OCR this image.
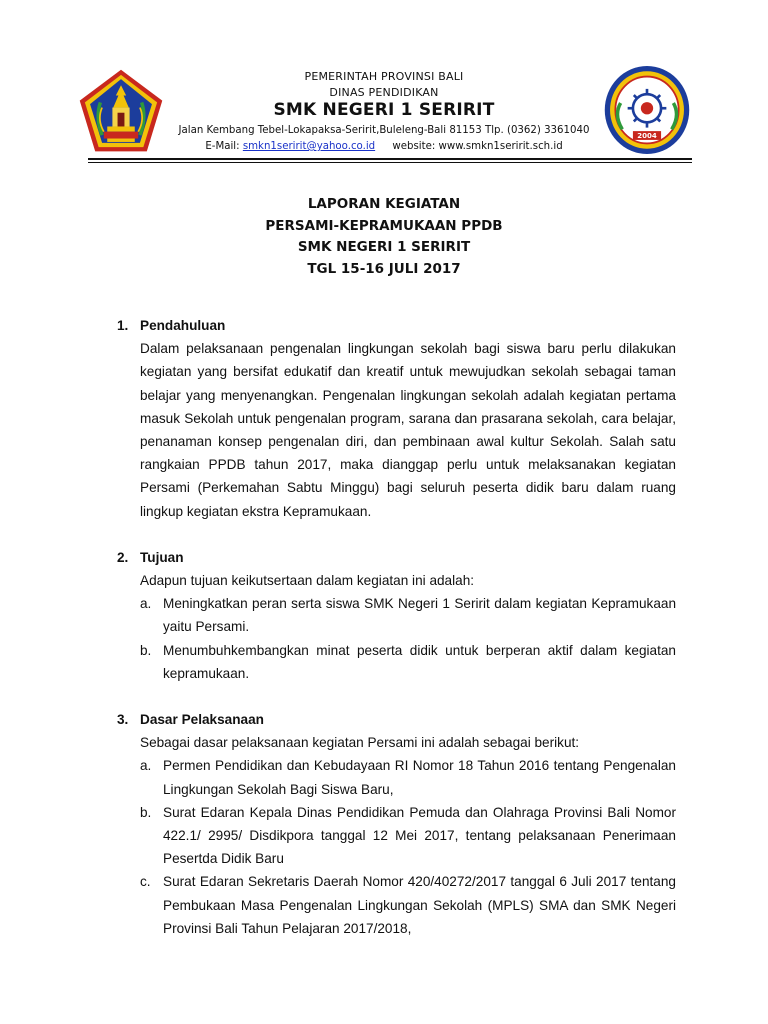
PEMERINTAH PROVINSI BALI
DINAS PENDIDIKAN
SMK NEGERI 1 SERIRIT
Jalan Kembang Tebel-Lokapaksa-Seririt,Buleleng-Bali 81153 Tlp. (0362) 3361040
E-Mail: smkn1seririt@yahoo.co.id website: www.smkn1seririt.sch.id
2004
LAPORAN KEGIATAN
PERSAMI-KEPRAMUKAAN PPDB
SMK NEGERI 1 SERIRIT
TGL 15-16 JULI 2017
1. Pendahuluan
Dalam pelaksanaan pengenalan lingkungan sekolah bagi siswa baru perlu dilakukan kegiatan yang bersifat edukatif dan kreatif untuk mewujudkan sekolah sebagai taman belajar yang menyenangkan. Pengenalan lingkungan sekolah adalah kegiatan pertama masuk Sekolah untuk pengenalan program, sarana dan prasarana sekolah, cara belajar, penanaman konsep pengenalan diri, dan pembinaan awal kultur Sekolah. Salah satu rangkaian PPDB tahun 2017, maka dianggap perlu untuk melaksanakan kegiatan Persami (Perkemahan Sabtu Minggu) bagi seluruh peserta didik baru dalam ruang lingkup kegiatan ekstra Kepramukaan.
2. Tujuan
Adapun tujuan keikutsertaan dalam kegiatan ini adalah:
a. Meningkatkan peran serta siswa SMK Negeri 1 Seririt dalam kegiatan Kepramukaan yaitu Persami.
b. Menumbuhkembangkan minat peserta didik untuk berperan aktif dalam kegiatan kepramukaan.
3. Dasar Pelaksanaan
Sebagai dasar pelaksanaan kegiatan Persami ini adalah sebagai berikut:
a. Permen Pendidikan dan Kebudayaan RI Nomor 18 Tahun 2016 tentang Pengenalan Lingkungan Sekolah Bagi Siswa Baru,
b. Surat Edaran Kepala Dinas Pendidikan Pemuda dan Olahraga Provinsi Bali Nomor 422.1/ 2995/ Disdikpora tanggal 12 Mei 2017, tentang pelaksanaan Penerimaan Pesertda Didik Baru
c. Surat Edaran Sekretaris Daerah Nomor 420/40272/2017 tanggal 6 Juli 2017 tentang Pembukaan Masa Pengenalan Lingkungan Sekolah (MPLS) SMA dan SMK Negeri Provinsi Bali Tahun Pelajaran 2017/2018,
